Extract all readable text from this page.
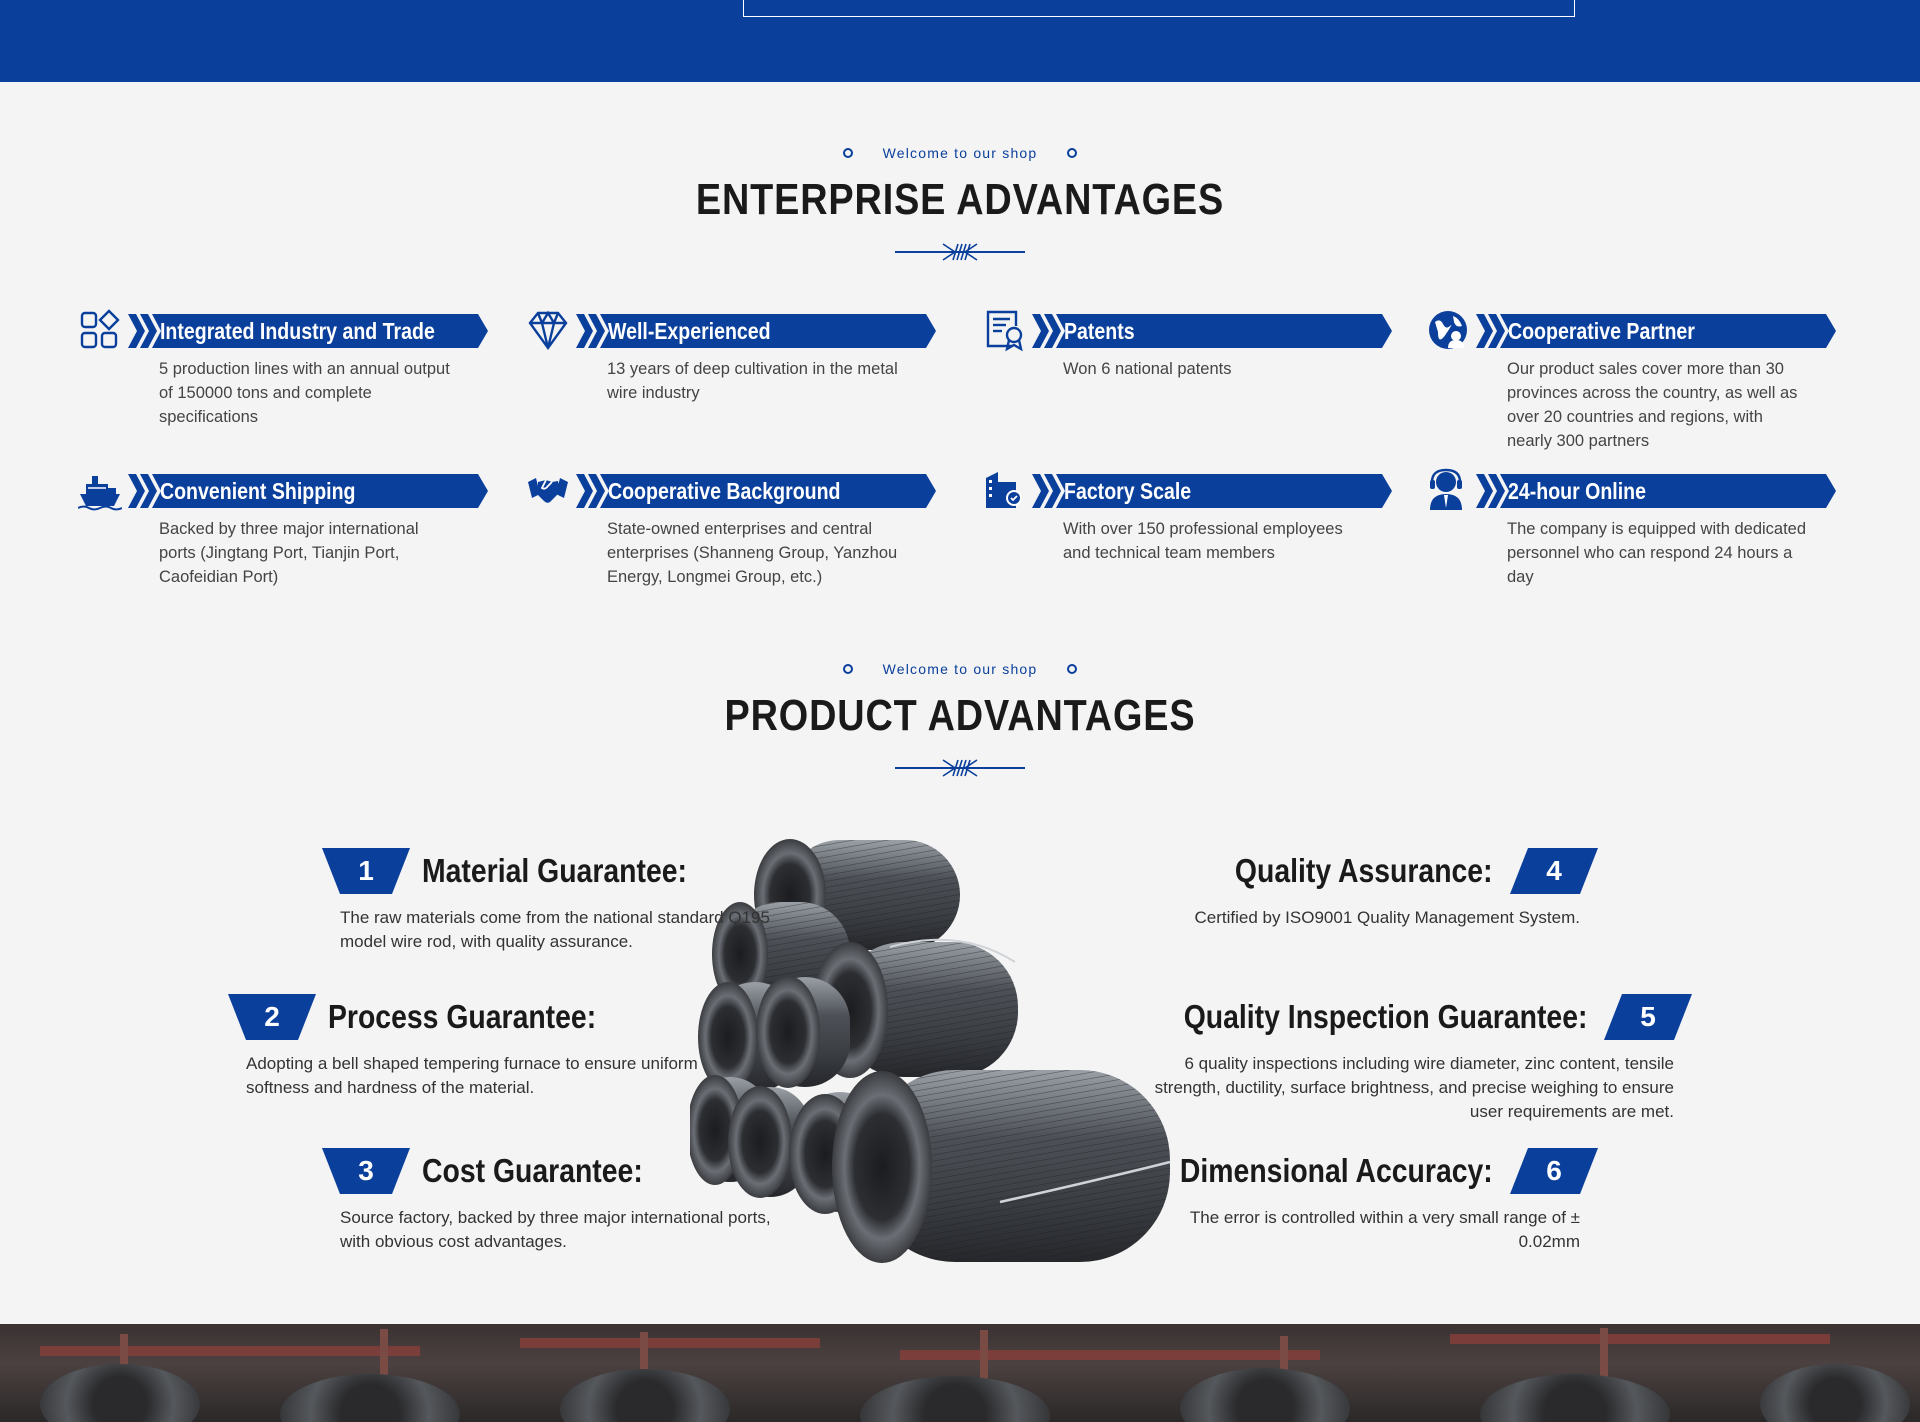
Welcome to our shop
ENTERPRISE ADVANTAGES
Integrated Industry and Trade
5 production lines with an annual output of 150000 tons and complete specifications
Well-Experienced
13 years of deep cultivation in the metal wire industry
Patents
Won 6 national patents
Cooperative Partner
Our product sales cover more than 30 provinces across the country, as well as over 20 countries and regions, with nearly 300 partners
Convenient Shipping
Backed by three major international ports (Jingtang Port, Tianjin Port, Caofeidian Port)
Cooperative Background
State-owned enterprises and central enterprises (Shanneng Group, Yanzhou Energy, Longmei Group, etc.)
Factory Scale
With over 150 professional employees and technical team members
24-hour Online
The company is equipped with dedicated personnel who can respond 24 hours a day
Welcome to our shop
PRODUCT ADVANTAGES
1	Material Guarantee:
The raw materials come from the national standard Q195 model wire rod, with quality assurance.
2	Process Guarantee:
Adopting a bell shaped tempering furnace to ensure uniform softness and hardness of the material.
3	Cost Guarantee:
Source factory, backed by three major international ports, with obvious cost advantages.
4
Quality Assurance:
Certified by ISO9001 Quality Management System.
5
Quality Inspection Guarantee:
6 quality inspections including wire diameter, zinc content, tensile strength, ductility, surface brightness, and precise weighing to ensure user requirements are met.
6
Dimensional Accuracy:
The error is controlled within a very small range of ± 0.02mm
